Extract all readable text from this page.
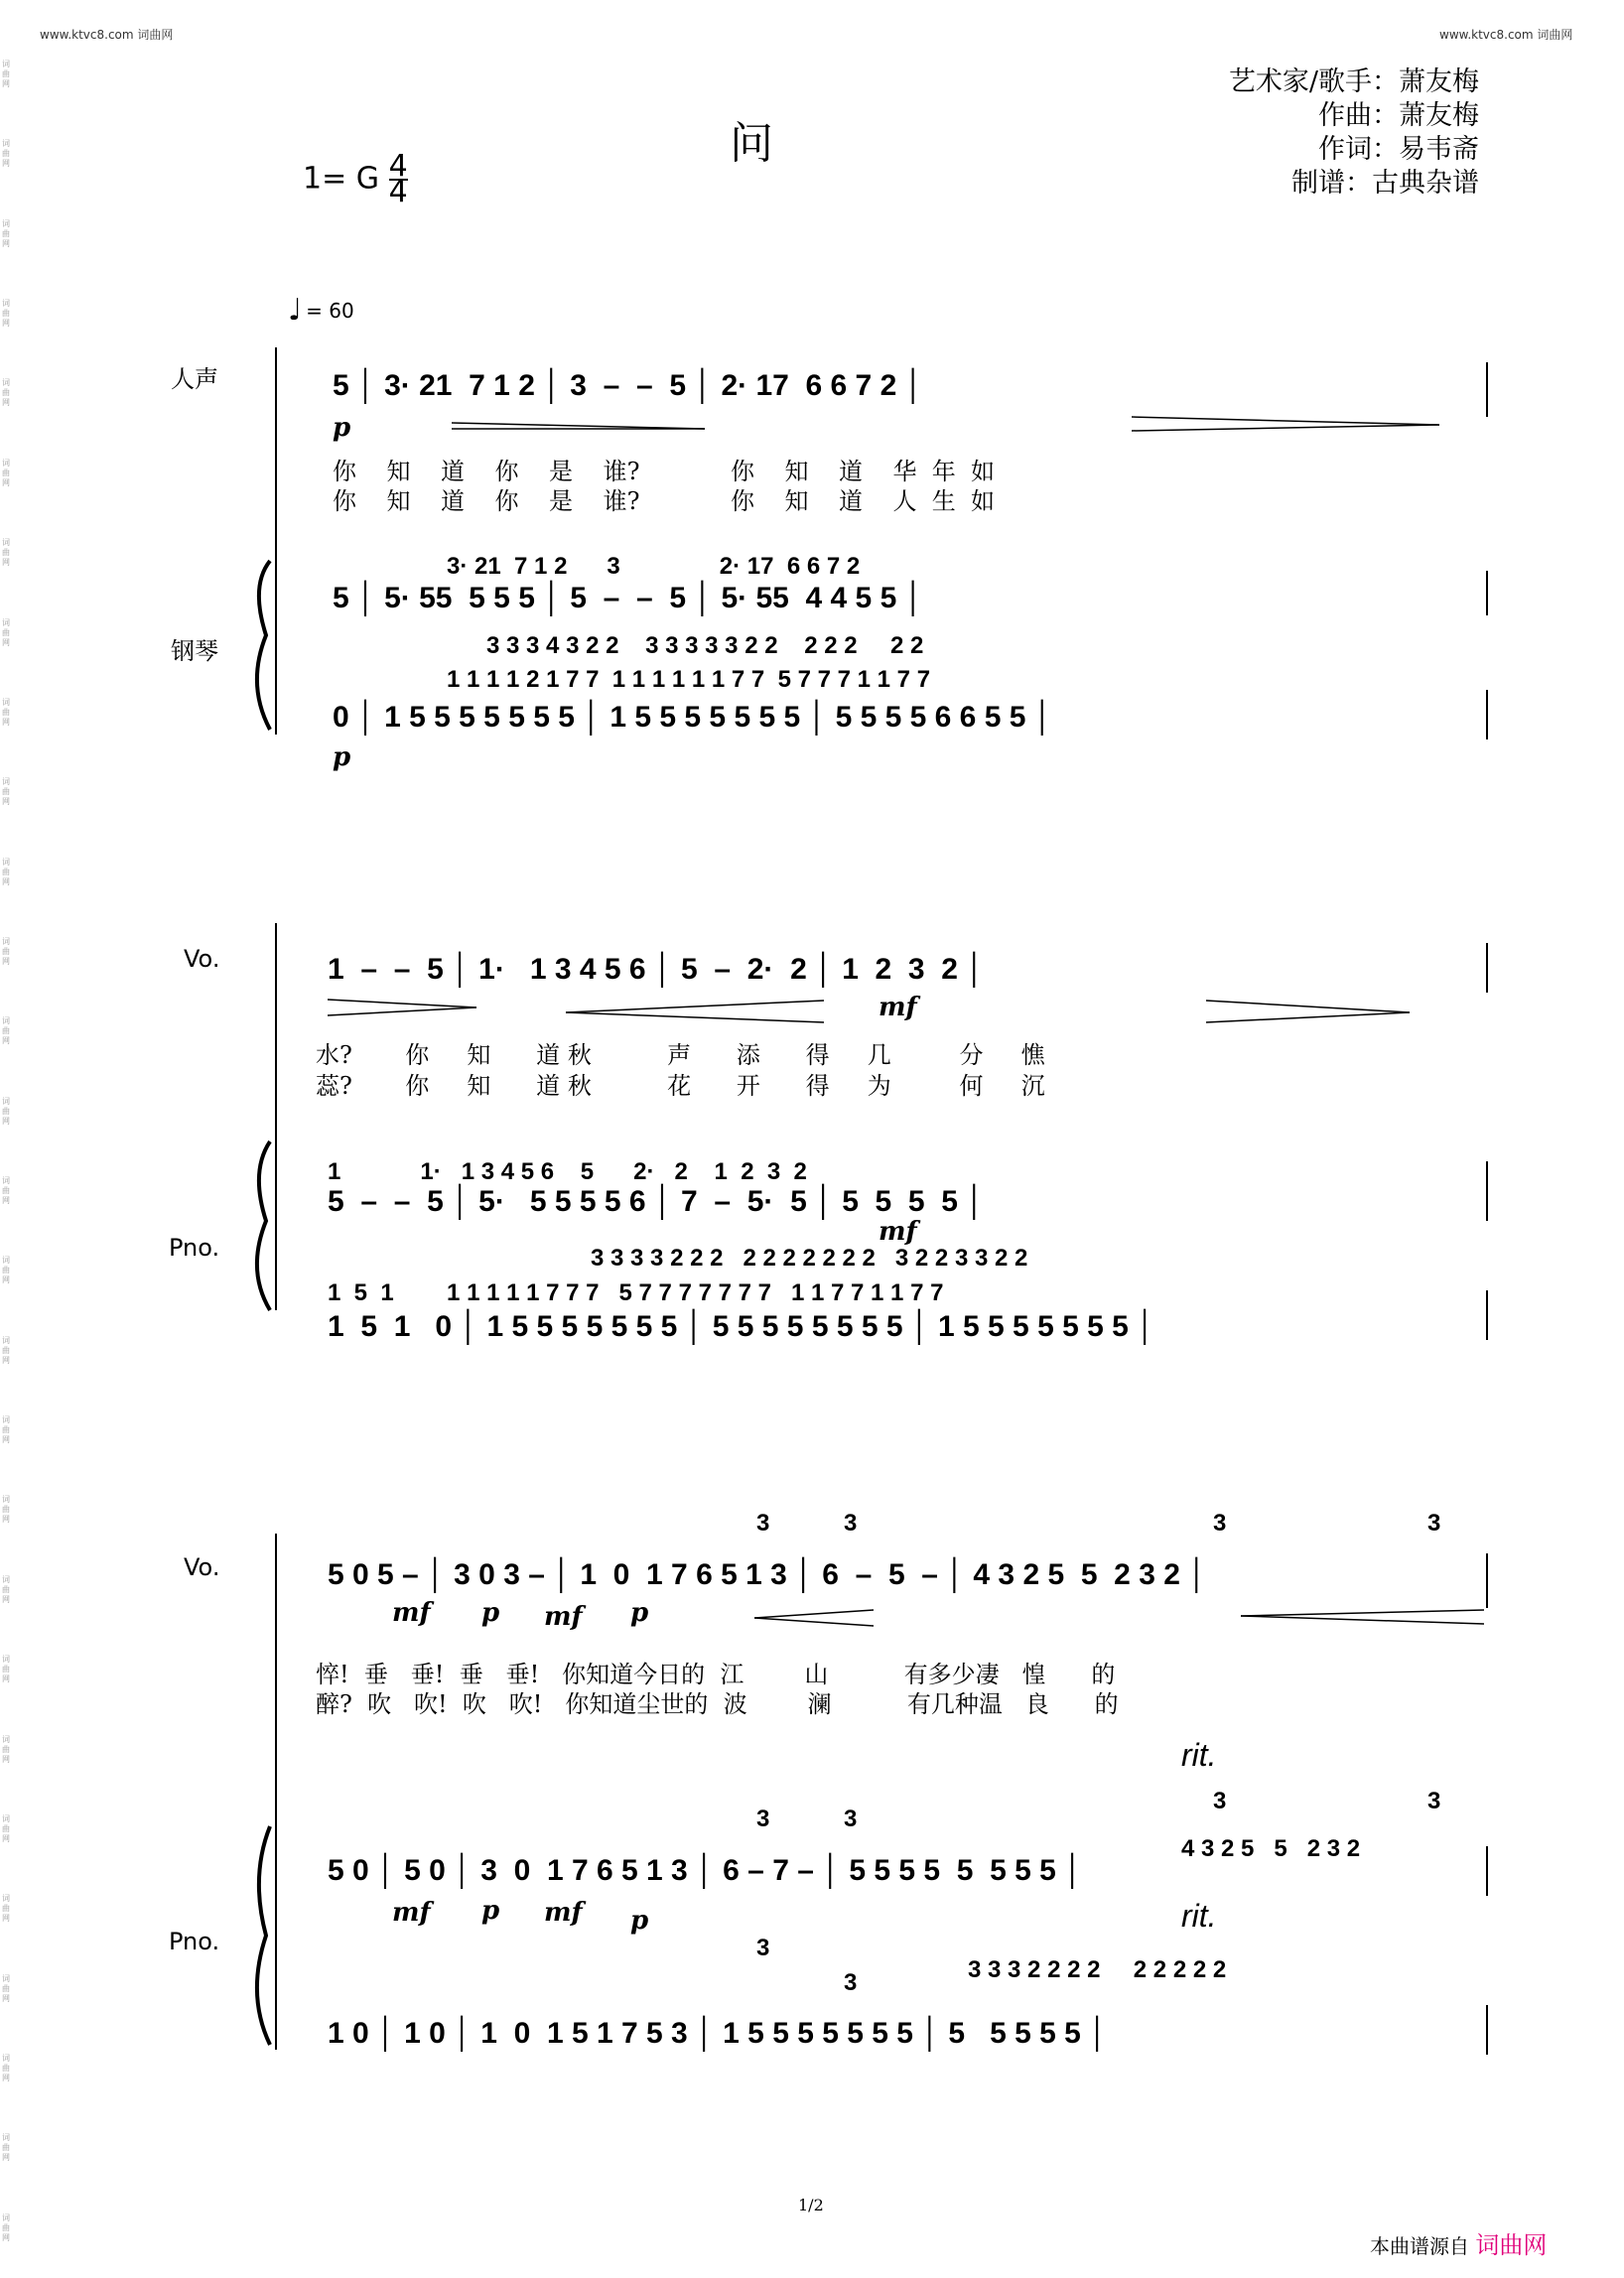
www.ktvc8.com 词曲网	www.ktvc8.com 词曲网
词曲网
词曲网
词曲网
词曲网
词曲网
词曲网
词曲网
词曲网
词曲网
词曲网
词曲网
词曲网
词曲网
词曲网
词曲网
词曲网
词曲网
词曲网
词曲网
词曲网
词曲网
词曲网
词曲网
词曲网
词曲网
词曲网
词曲网
词曲网
问
艺术家/歌手：萧友梅
作曲：萧友梅
作词：易韦斋
制谱：古典杂谱
1= G $\frac{4}{4}$
♩ = 60
人声
钢琴
5 │ 3· 21  7 1 2 │ 3  –  –  5 │ 2· 17  6 6 7 2 │
p
你    知    道    你    是    谁?            你    知    道    华  年  如
你    知    道    你    是    谁?            你    知    道    人  生  如
3· 21  7 1 2      3               2· 17  6 6 7 2
5 │ 5· 55  5 5 5 │ 5  –  –  5 │ 5· 55  4 4 5 5 │
3 3 3 4 3 2 2    3 3 3 3 3 2 2    2 2 2     2 2
1 1 1 1 2 1 7 7  1 1 1 1 1 1 7 7  5 7 7 7 1 1 7 7
0 │ 1 5 5 5 5 5 5 5 │ 1 5 5 5 5 5 5 5 │ 5 5 5 5 6 6 5 5 │
p
Vo.
Pno.
1  –  –  5 │ 1·   1 3 4 5 6 │ 5  –  2·  2 │ 1  2  3  2 │
mf
水?       你     知      道 秋          声      添      得     几         分     憔
蕊?       你     知      道 秋          花      开      得     为         何     沉
1            1·   1 3 4 5 6    5      2·   2    1  2  3  2
5  –  –  5 │ 5·   5 5 5 5 6 │ 7  –  5·  5 │ 5  5  5  5 │
mf
3 3 3 3 2 2 2   2 2 2 2 2 2 2   3 2 2 3 3 2 2
1  5  1        1 1 1 1 1 7 7 7   5 7 7 7 7 7 7 7   1 1 7 7 1 1 7 7
1  5  1   0 │ 1 5 5 5 5 5 5 5 │ 5 5 5 5 5 5 5 5 │ 1 5 5 5 5 5 5 5 │
Vo.
Pno.
3	3	3	3
5 0 5 – │ 3 0 3 – │ 1  0  1 7 6 5 1 3 │ 6  –  5  – │ 4 3 2 5  5  2 3 2 │
mf p mf p
悴!  垂   垂!  垂   垂!   你知道今日的  江        山          有多少凄   惶      的
醉?  吹   吹!  吹   吹!   你知道尘世的  波        澜          有几种温   良      的
rit.
3	3
3	3
4 3 2 5   5   2 3 2
5 0 │ 5 0 │ 3  0  1 7 6 5 1 3 │ 6 – 7 – │ 5 5 5 5  5  5 5 5 │
mf p mf p	rit.
3
3	3 3 3 2 2 2 2     2 2 2 2 2
1 0 │ 1 0 │ 1  0  1 5 1 7 5 3 │ 1 5 5 5 5 5 5 5 │ 5   5 5 5 5 │
1/2
本曲谱源自 词曲网
